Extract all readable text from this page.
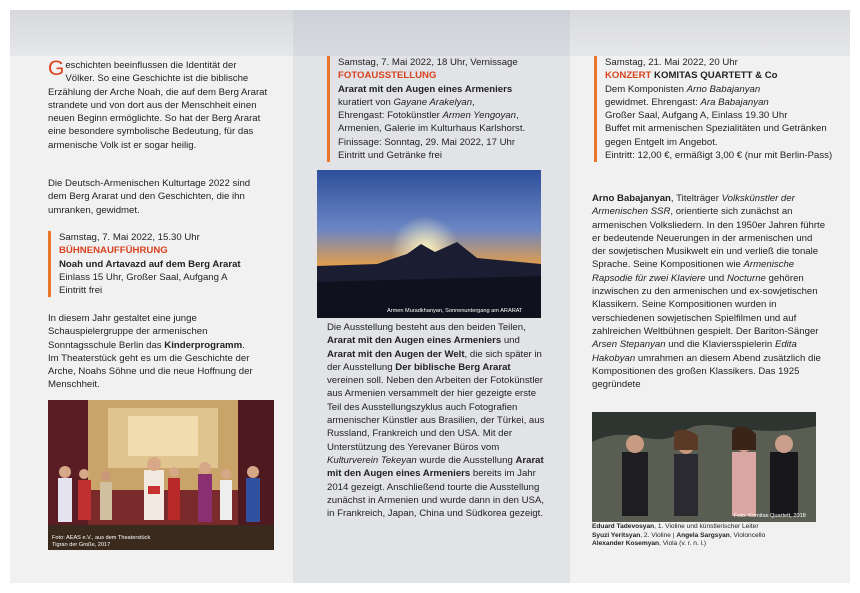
Geschichten beeinflussen die Identität der Völker. So eine Geschichte ist die biblische Erzählung der Arche Noah, die auf dem Berg Ararat strandete und von dort aus der Menschheit einen neuen Beginn ermöglichte. So hat der Berg Ararat eine besondere symbolische Bedeutung, für das armenische Volk ist er sogar heilig.
Die Deutsch-Armenischen Kulturtage 2022 sind dem Berg Ararat und den Geschichten, die ihn umranken, gewidmet.
Samstag, 7. Mai 2022, 15.30 Uhr
BÜHNENAUFFÜHRUNG
Noah und Artavazd auf dem Berg Ararat
Einlass 15 Uhr, Großer Saal, Aufgang A
Eintritt frei
In diesem Jahr gestaltet eine junge Schauspielergruppe der armenischen Sonntagsschule Berlin das Kinderprogramm.
Im Theaterstück geht es um die Geschichte der Arche, Noahs Söhne und die neue Hoffnung der Menschheit.
Foto: AEAS e.V., aus dem Theaterstück Tigran der Große, 2017
Samstag, 7. Mai 2022, 18 Uhr, Vernissage
FOTOAUSSTELLUNG
Ararat mit den Augen eines Armeniers
kuratiert von Gayane Arakelyan,
Ehrengast: Fotokünstler Armen Yengoyan,
Armenien, Galerie im Kulturhaus Karlshorst.
Finissage: Sonntag, 29. Mai 2022, 17 Uhr
Eintritt und Getränke frei
Armen Muradkhanyan, Sonnenuntergang am ARARAT
Die Ausstellung besteht aus den beiden Teilen, Ararat mit den Augen eines Armeniers und Ararat mit den Augen der Welt, die sich später in der Ausstellung Der biblische Berg Ararat vereinen soll. Neben den Arbeiten der Fotokünstler aus Armenien versammelt der hier gezeigte erste Teil des Ausstellungszyklus auch Fotografien armenischer Künstler aus Brasilien, der Türkei, aus Russland, Frankreich und den USA. Mit der Unterstützung des Yerevaner Büros vom Kulturverein Tekeyan wurde die Ausstellung Ararat mit den Augen eines Armeniers bereits im Jahr 2014 gezeigt. Anschließend tourte die Ausstellung zunächst in Armenien und wurde dann in den USA, in Frankreich, Japan, China und Südkorea gezeigt.
Samstag, 21. Mai 2022, 20 Uhr
KONZERT KOMITAS QUARTETT & Co
Dem Komponisten Arno Babajanyan
gewidmet. Ehrengast: Ara Babajanyan
Großer Saal, Aufgang A, Einlass 19.30 Uhr
Buffet mit armenischen Spezialitäten und Getränken gegen Entgelt im Angebot.
Eintritt: 12,00 €, ermäßigt 3,00 € (nur mit Berlin-Pass)
Arno Babajanyan, Titelträger Volkskünstler der Armenischen SSR, orientierte sich zunächst an armenischen Volksliedern. In den 1950er Jahren führte er bedeutende Neuerungen in der armenischen und der sowjetischen Musikwelt ein und verließ die tonale Sprache. Seine Kompositionen wie Armenische Rapsodie für zwei Klaviere und Nocturne gehören inzwischen zu den armenischen und ex-sowjetischen Klassikern. Seine Kompositionen wurden in verschiedenen sowjetischen Spielfilmen und auf zahlreichen Weltbühnen gespielt. Der Bariton-Sänger Arsen Stepanyan und die Klaviersspielerin Edita Hakobyan umrahmen an diesem Abend zusätzlich die Kompositionen des großen Klassikers. Das 1925 gegründete
Foto: Komitas Quartett, 2018
Eduard Tadevosyan, 1. Violine und künstlerischer Leiter
Syuzi Yeritsyan, 2. Violine | Angela Sargsyan, Violoncello
Alexander Kosemyan, Viola (v. r. n. l.)
